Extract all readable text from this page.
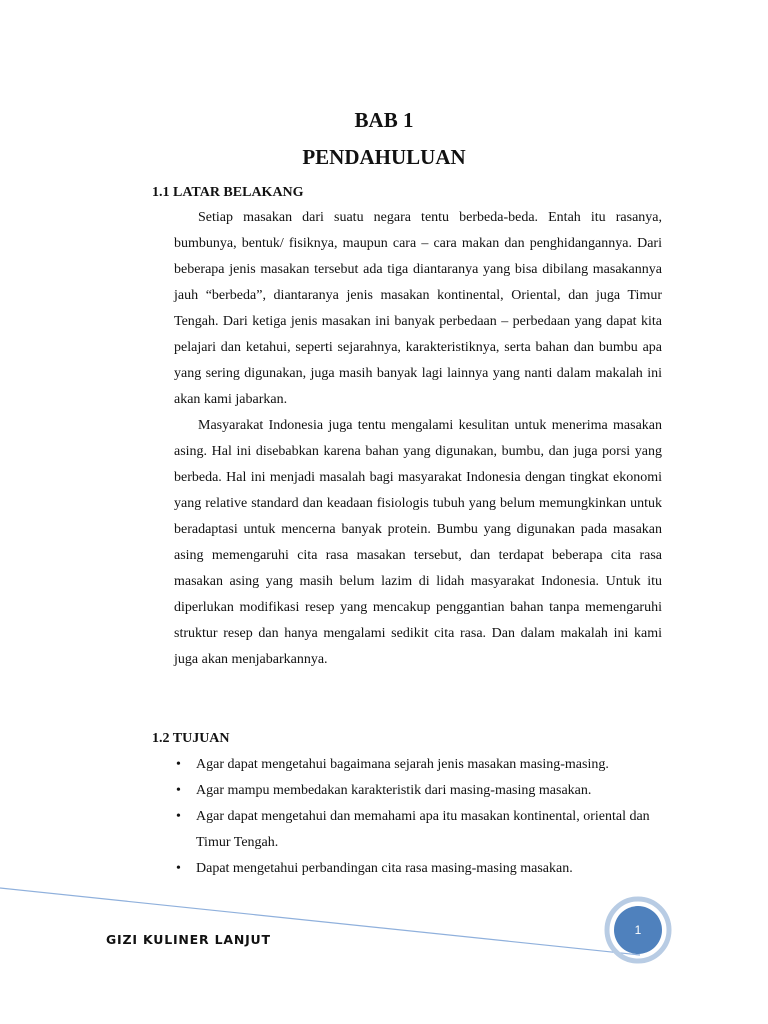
BAB 1
PENDAHULUAN
1.1 LATAR BELAKANG

Setiap masakan dari suatu negara tentu berbeda-beda. Entah itu rasanya, bumbunya, bentuk/ fisiknya, maupun cara – cara makan dan penghidangannya. Dari beberapa jenis masakan tersebut ada tiga diantaranya yang bisa dibilang masakannya jauh “berbeda”, diantaranya jenis masakan kontinental, Oriental, dan juga Timur Tengah. Dari ketiga jenis masakan ini banyak perbedaan – perbedaan yang dapat kita pelajari dan ketahui, seperti sejarahnya, karakteristiknya, serta bahan dan bumbu apa yang sering digunakan, juga masih banyak lagi lainnya yang nanti dalam makalah ini akan kami jabarkan.

Masyarakat Indonesia juga tentu mengalami kesulitan untuk menerima masakan asing. Hal ini disebabkan karena bahan yang digunakan, bumbu, dan juga porsi yang berbeda. Hal ini menjadi masalah bagi masyarakat Indonesia dengan tingkat ekonomi yang relative standard dan keadaan fisiologis tubuh yang belum memungkinkan untuk beradaptasi untuk mencerna banyak protein. Bumbu yang digunakan pada masakan asing memengaruhi cita rasa masakan tersebut, dan terdapat beberapa cita rasa masakan asing yang masih belum lazim di lidah masyarakat Indonesia. Untuk itu diperlukan modifikasi resep yang mencakup penggantian bahan tanpa memengaruhi struktur resep dan hanya mengalami sedikit cita rasa. Dan dalam makalah ini kami juga akan menjabarkannya.

1.2 TUJUAN
• Agar dapat mengetahui bagaimana sejarah jenis masakan masing-masing.
• Agar mampu membedakan karakteristik dari masing-masing masakan.
• Agar dapat mengetahui dan memahami apa itu masakan kontinental, oriental dan Timur Tengah.
• Dapat mengetahui perbandingan cita rasa masing-masing masakan.
GIZI KULINER LANJUT
1
